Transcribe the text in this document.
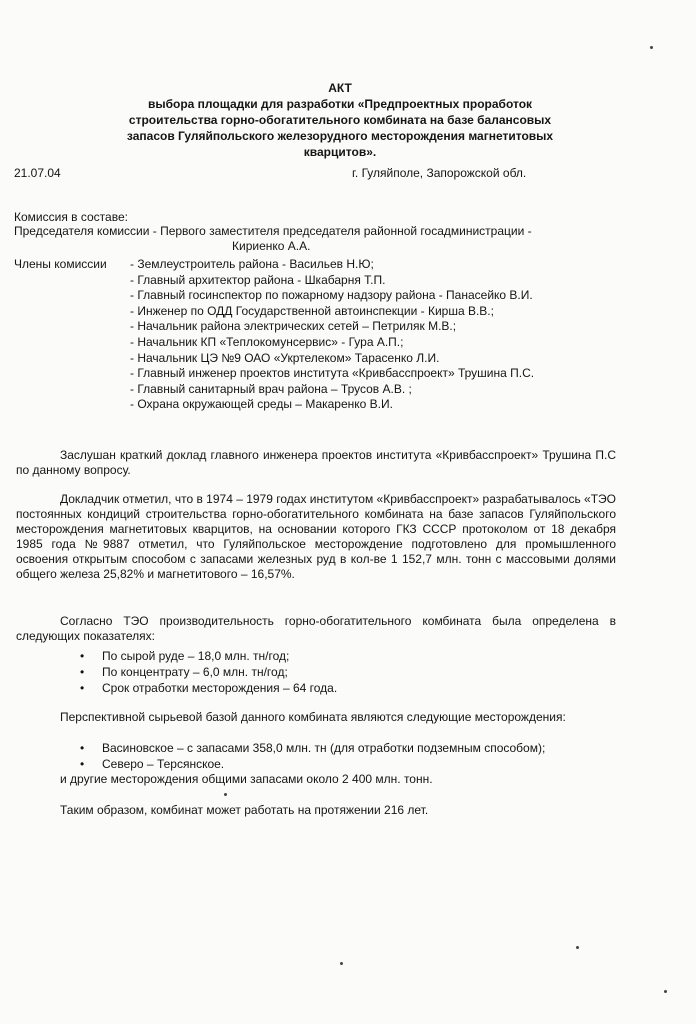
АКТ
выбора площадки для разработки «Предпроектных проработок
строительства горно-обогатительного комбината на базе балансовых
запасов Гуляйпольского железорудного месторождения магнетитовых
кварцитов».
21.07.04	г. Гуляйполе, Запорожской обл.
Комиссия в составе:
Председателя комиссии - Первого заместителя председателя районной госадминистрации -
Кириенко А.А.
Члены комиссии - Землеустроитель района - Васильев Н.Ю;
- Главный архитектор района - Шкабарня Т.П.
- Главный госинспектор по пожарному надзору района - Панасейко В.И.
- Инженер по ОДД Государственной автоинспекции - Кирша В.В.;
- Начальник района электрических сетей – Петриляк М.В.;
- Начальник КП «Теплокомунсервис» - Гура А.П.;
- Начальник ЦЭ №9 ОАО «Укртелеком» Тарасенко Л.И.
- Главный инженер проектов института «Кривбасспроект» Трушина П.С.
- Главный санитарный врач района – Трусов А.В. ;
- Охрана окружающей среды – Макаренко В.И.

Заслушан краткий доклад главного инженера проектов института «Кривбасспроект» Трушина П.С по данному вопросу.

Докладчик отметил, что в 1974 – 1979 годах институтом «Кривбасспроект» разрабатывалось «ТЭО постоянных кондиций строительства горно-обогатительного комбината на базе запасов Гуляйпольского месторождения магнетитовых кварцитов, на основании которого ГКЗ СССР протоколом от 18 декабря 1985 года №9887 отметил, что Гуляйпольское месторождение подготовлено для промышленного освоения открытым способом с запасами железных руд в кол-ве 1 152,7 млн. тонн с массовыми долями общего железа 25,82% и магнетитового – 16,57%.

Согласно ТЭО производительность горно-обогатительного комбината была определена в следующих показателях:

• По сырой руде – 18,0 млн. тн/год;
• По концентрату – 6,0 млн. тн/год;
• Срок отработки месторождения – 64 года.

Перспективной сырьевой базой данного комбината являются следующие месторождения:

• Васиновское – с запасами 358,0 млн. тн (для отработки подземным способом);
• Северо – Терсянское.
и другие месторождения общими запасами около 2 400 млн. тонн.
Таким образом, комбинат может работать на протяжении 216 лет.
